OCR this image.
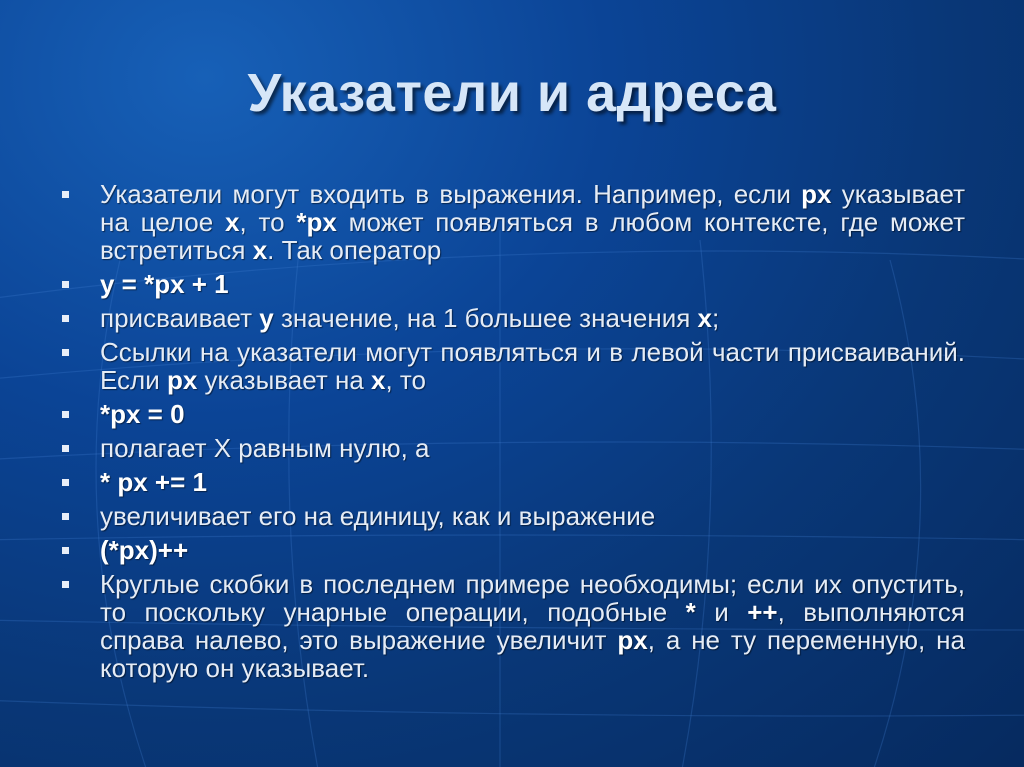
Указатели и адреса
Указатели могут входить в выражения. Например, если px указывает на целое x, то *px может появляться в любом контексте, где может встретиться x. Так оператор
y = *px + 1
присваивает y значение, на 1 большее значения x;
Ссылки на указатели могут появляться и в левой части присваиваний. Если px указывает на x, то
*px = 0
полагает X равным нулю, а
* px += 1
увеличивает его на единицу, как и выражение
(*px)++
Круглые скобки в последнем примере необходимы; если их опустить, то поскольку унарные операции, подобные * и ++, выполняются справа налево, это выражение увеличит px, а не ту переменную, на которую он указывает.
